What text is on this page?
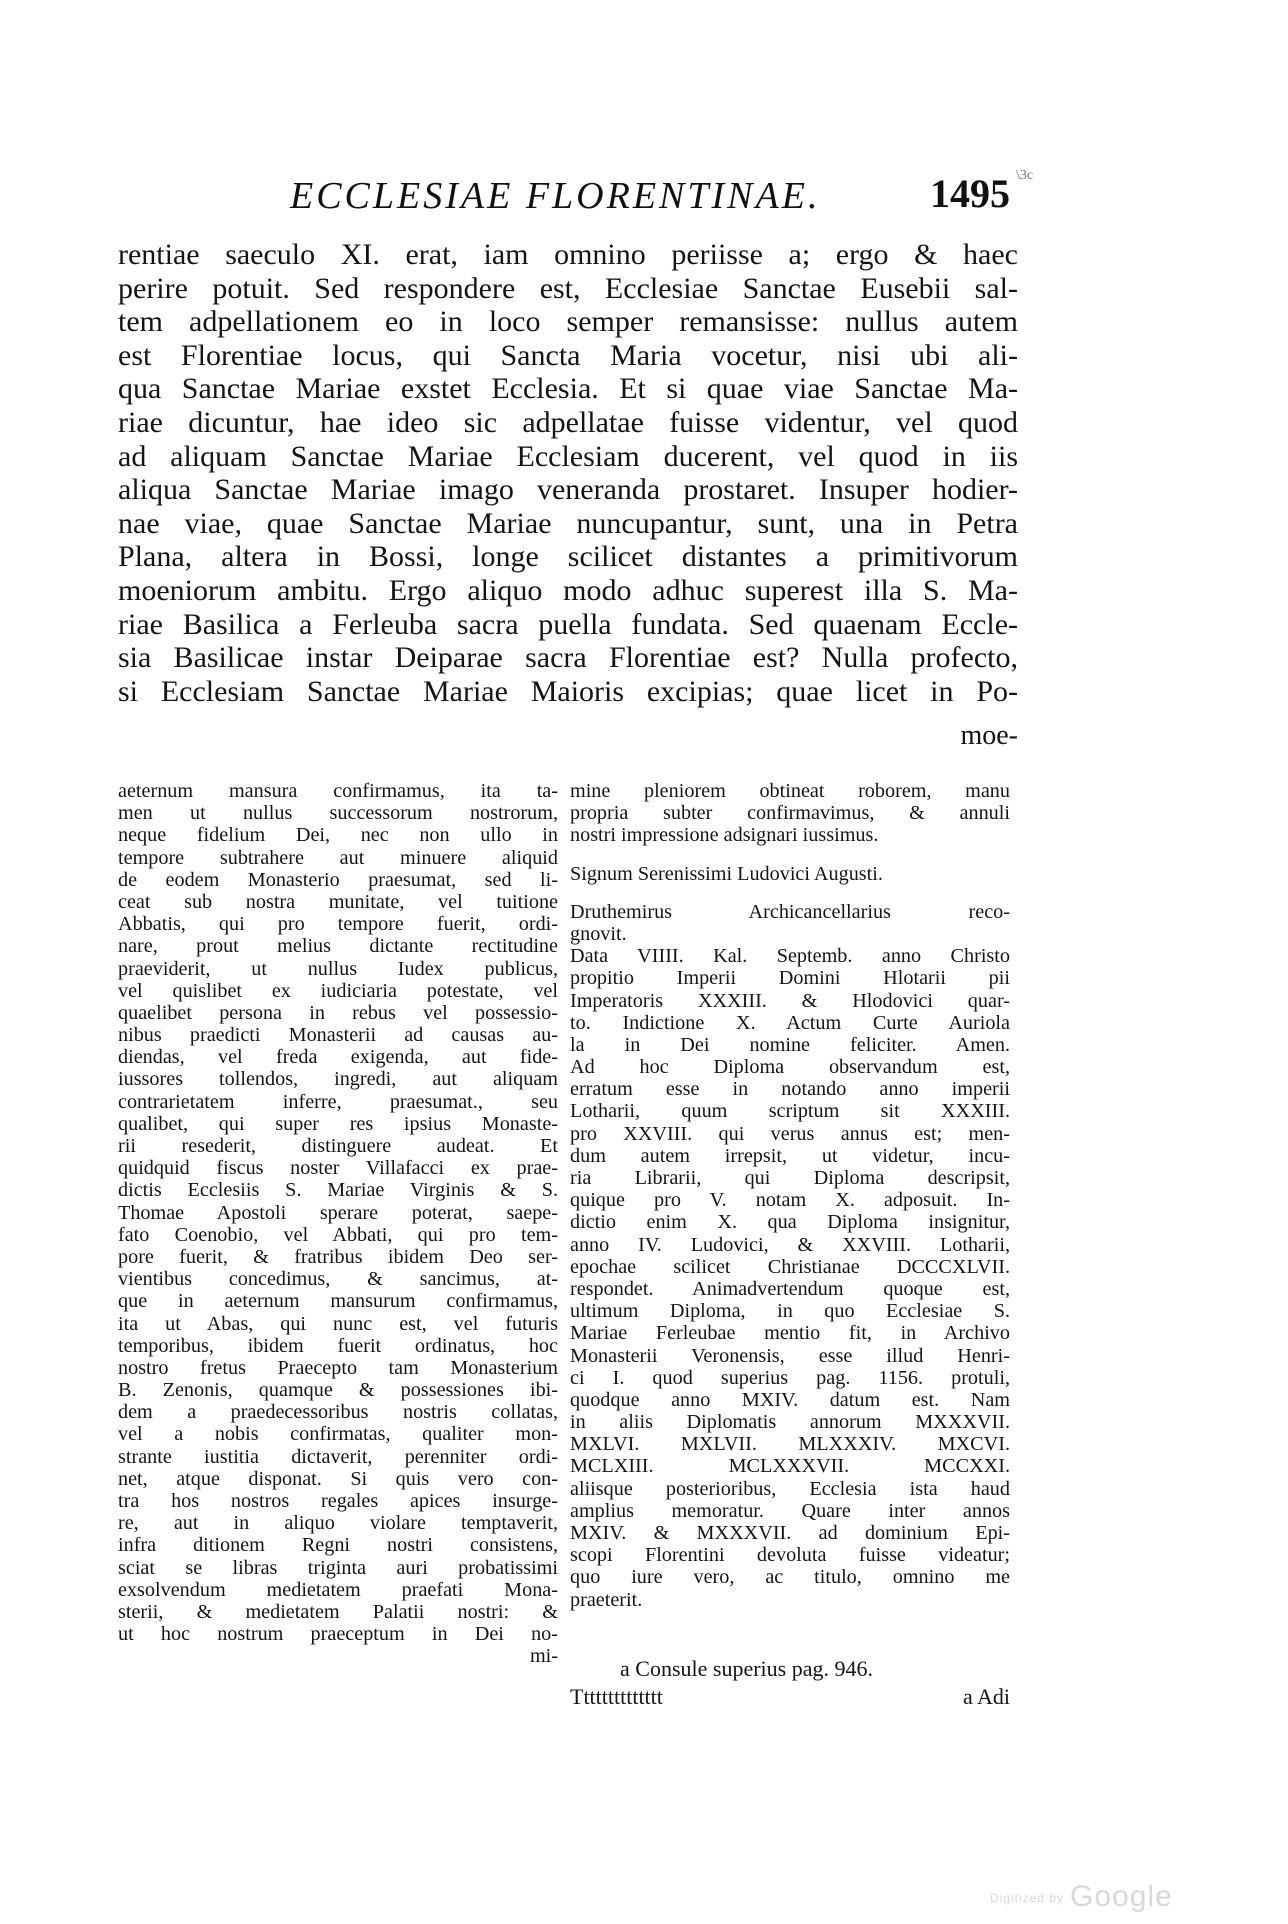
ECCLESIAE FLORENTINAE.	1495 \3c
rentiae saeculo XI. erat, iam omnino periisse a; ergo & haec
perire potuit. Sed respondere est, Ecclesiae Sanctae Eusebii sal-
tem adpellationem eo in loco semper remansisse: nullus autem
est Florentiae locus, qui Sancta Maria vocetur, nisi ubi ali-
qua Sanctae Mariae exstet Ecclesia. Et si quae viae Sanctae Ma-
riae dicuntur, hae ideo sic adpellatae fuisse videntur, vel quod
ad aliquam Sanctae Mariae Ecclesiam ducerent, vel quod in iis
aliqua Sanctae Mariae imago veneranda prostaret. Insuper hodier-
nae viae, quae Sanctae Mariae nuncupantur, sunt, una in Petra
Plana, altera in Bossi, longe scilicet distantes a primitivorum
moeniorum ambitu. Ergo aliquo modo adhuc superest illa S. Ma-
riae Basilica a Ferleuba sacra puella fundata. Sed quaenam Eccle-
sia Basilicae instar Deiparae sacra Florentiae est? Nulla profecto,
si Ecclesiam Sanctae Mariae Maioris excipias; quae licet in Po-
moe-
aeternum mansura confirmamus, ita ta-
men ut nullus successorum nostrorum,
neque fidelium Dei, nec non ullo in
tempore subtrahere aut minuere aliquid
de eodem Monasterio praesumat, sed li-
ceat sub nostra munitate, vel tuitione
Abbatis, qui pro tempore fuerit, ordi-
nare, prout melius dictante rectitudine
praeviderit, ut nullus Iudex publicus,
vel quislibet ex iudiciaria potestate, vel
quaelibet persona in rebus vel possessio-
nibus praedicti Monasterii ad causas au-
diendas, vel freda exigenda, aut fide-
iussores tollendos, ingredi, aut aliquam
contrarietatem inferre, praesumat., seu
qualibet, qui super res ipsius Monaste-
rii resederit, distinguere audeat. Et
quidquid fiscus noster Villafacci ex prae-
dictis Ecclesiis S. Mariae Virginis & S.
Thomae Apostoli sperare poterat, saepe-
fato Coenobio, vel Abbati, qui pro tem-
pore fuerit, & fratribus ibidem Deo ser-
vientibus concedimus, & sancimus, at-
que in aeternum mansurum confirmamus,
ita ut Abas, qui nunc est, vel futuris
temporibus, ibidem fuerit ordinatus, hoc
nostro fretus Praecepto tam Monasterium
B. Zenonis, quamque & possessiones ibi-
dem a praedecessoribus nostris collatas,
vel a nobis confirmatas, qualiter mon-
strante iustitia dictaverit, perenniter ordi-
net, atque disponat. Si quis vero con-
tra hos nostros regales apices insurge-
re, aut in aliquo violare temptaverit,
infra ditionem Regni nostri consistens,
sciat se libras triginta auri probatissimi
exsolvendum medietatem praefati Mona-
sterii, & medietatem Palatii nostri: &
ut hoc nostrum praeceptum in Dei no-
mi-
mine pleniorem obtineat roborem, manu
propria subter confirmavimus, & annuli
nostri impressione adsignari iussimus.
Signum Serenissimi Ludovici Augusti.
Druthemirus Archicancellarius reco-
gnovit.
Data VIIII. Kal. Septemb. anno Christo
propitio Imperii Domini Hlotarii pii
Imperatoris XXXIII. & Hlodovici quar-
to. Indictione X. Actum Curte Auriola
la in Dei nomine feliciter. Amen.
Ad hoc Diploma observandum est,
erratum esse in notando anno imperii
Lotharii, quum scriptum sit XXXIII.
pro XXVIII. qui verus annus est; men-
dum autem irrepsit, ut videtur, incu-
ria Librarii, qui Diploma descripsit,
quique pro V. notam X. adposuit. In-
dictio enim X. qua Diploma insignitur,
anno IV. Ludovici, & XXVIII. Lotharii,
epochae scilicet Christianae DCCCXLVII.
respondet. Animadvertendum quoque est,
ultimum Diploma, in quo Ecclesiae S.
Mariae Ferleubae mentio fit, in Archivo
Monasterii Veronensis, esse illud Henri-
ci I. quod superius pag. 1156. protuli,
quodque anno MXIV. datum est. Nam
in aliis Diplomatis annorum MXXXVII.
MXLVI. MXLVII. MLXXXIV. MXCVI.
MCLXIII. MCLXXXVII. MCCXXI.
aliisque posterioribus, Ecclesia ista haud
amplius memoratur. Quare inter annos
MXIV. & MXXXVII. ad dominium Epi-
scopi Florentini devoluta fuisse videatur;
quo iure vero, ac titulo, omnino me
praeterit.
a Consule superius pag. 946.
Tttttttttttttt	a Adi
Digitized by Google
